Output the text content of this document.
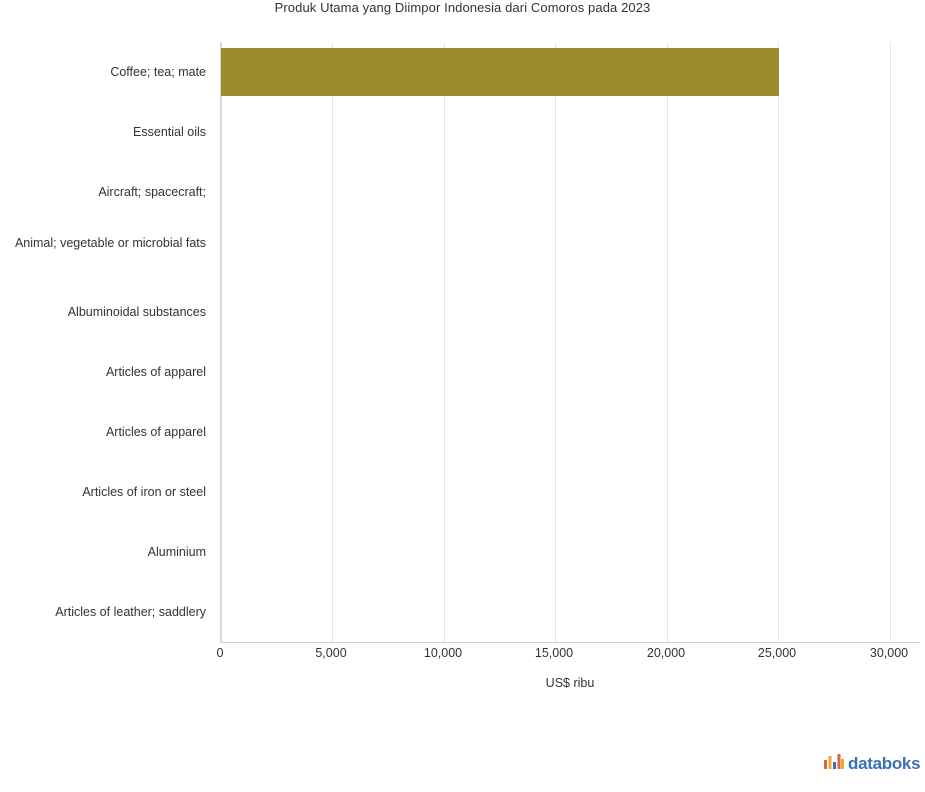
Produk Utama yang Diimpor Indonesia dari Comoros pada 2023
Coffee; tea; mate
Essential oils
Aircraft; spacecraft;
Animal; vegetable or microbial fats
Albuminoidal substances
Articles of apparel
Articles of apparel
Articles of iron or steel
Aluminium
Articles of leather; saddlery
0	5,000	10,000	15,000	20,000	25,000	30,000
US$ ribu
databoks
